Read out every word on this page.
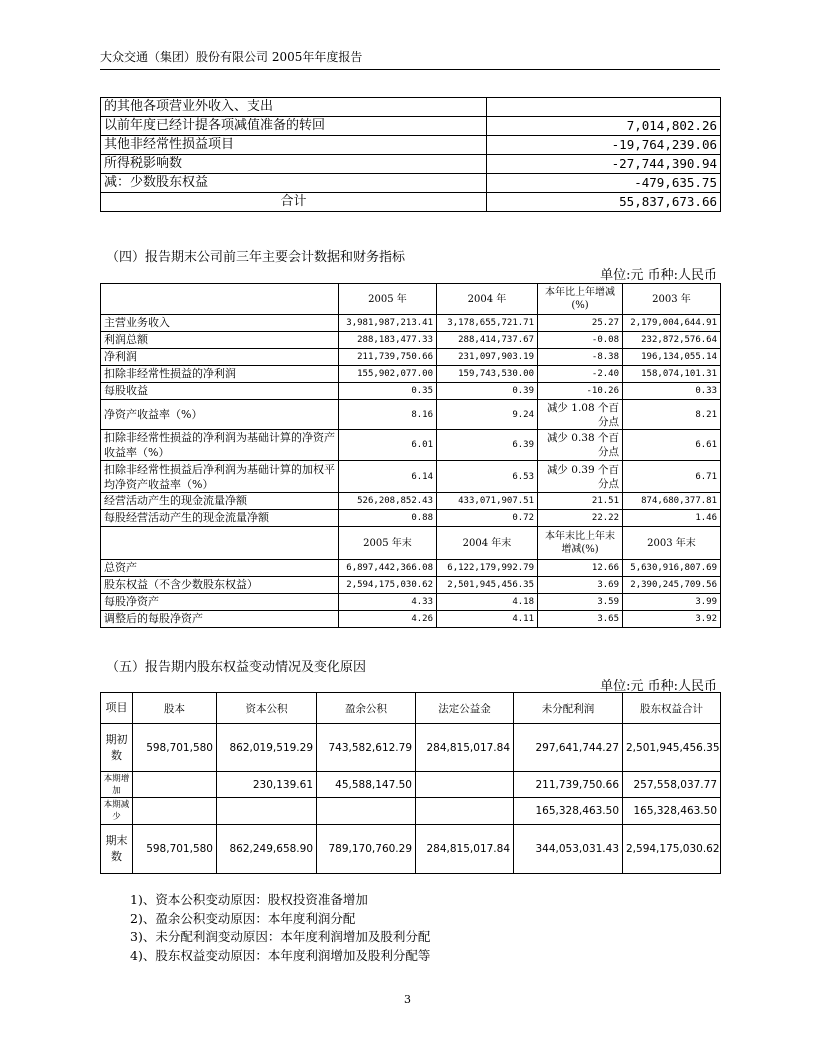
大众交通（集团）股份有限公司 2005年年度报告
的其他各项营业外收入、支出	
以前年度已经计提各项减值准备的转回	7,014,802.26
其他非经常性损益项目	-19,764,239.06
所得税影响数	-27,744,390.94
减：少数股东权益	-479,635.75
合计	55,837,673.66
（四）报告期末公司前三年主要会计数据和财务指标
单位:元 币种:人民币
	2005 年	2004 年	本年比上年增减(%)	2003 年
主营业务收入	3,981,987,213.41	3,178,655,721.71	25.27	2,179,004,644.91
利润总额	288,183,477.33	288,414,737.67	-0.08	232,872,576.64
净利润	211,739,750.66	231,097,903.19	-8.38	196,134,055.14
扣除非经常性损益的净利润	155,902,077.00	159,743,530.00	-2.40	158,074,101.31
每股收益	0.35	0.39	-10.26	0.33
净资产收益率（%）	8.16	9.24	减少 1.08 个百分点	8.21
扣除非经常性损益的净利润为基础计算的净资产收益率（%）	6.01	6.39	减少 0.38 个百分点	6.61
扣除非经常性损益后净利润为基础计算的加权平均净资产收益率（%）	6.14	6.53	减少 0.39 个百分点	6.71
经营活动产生的现金流量净额	526,208,852.43	433,071,907.51	21.51	874,680,377.81
每股经营活动产生的现金流量净额	0.88	0.72	22.22	1.46
	2005 年末	2004 年末	本年末比上年末增减(%)	2003 年末
总资产	6,897,442,366.08	6,122,179,992.79	12.66	5,630,916,807.69
股东权益（不含少数股东权益）	2,594,175,030.62	2,501,945,456.35	3.69	2,390,245,709.56
每股净资产	4.33	4.18	3.59	3.99
调整后的每股净资产	4.26	4.11	3.65	3.92
（五）报告期内股东权益变动情况及变化原因
单位:元 币种:人民币
项目	股本	资本公积	盈余公积	法定公益金	未分配利润	股东权益合计
期初数	598,701,580	862,019,519.29	743,582,612.79	284,815,017.84	297,641,744.27	2,501,945,456.35
本期增加		230,139.61	45,588,147.50		211,739,750.66	257,558,037.77
本期减少					165,328,463.50	165,328,463.50
期末数	598,701,580	862,249,658.90	789,170,760.29	284,815,017.84	344,053,031.43	2,594,175,030.62
1)、资本公积变动原因：股权投资准备增加
2)、盈余公积变动原因：本年度利润分配
3)、未分配利润变动原因：本年度利润增加及股利分配
4)、股东权益变动原因：本年度利润增加及股利分配等
3
